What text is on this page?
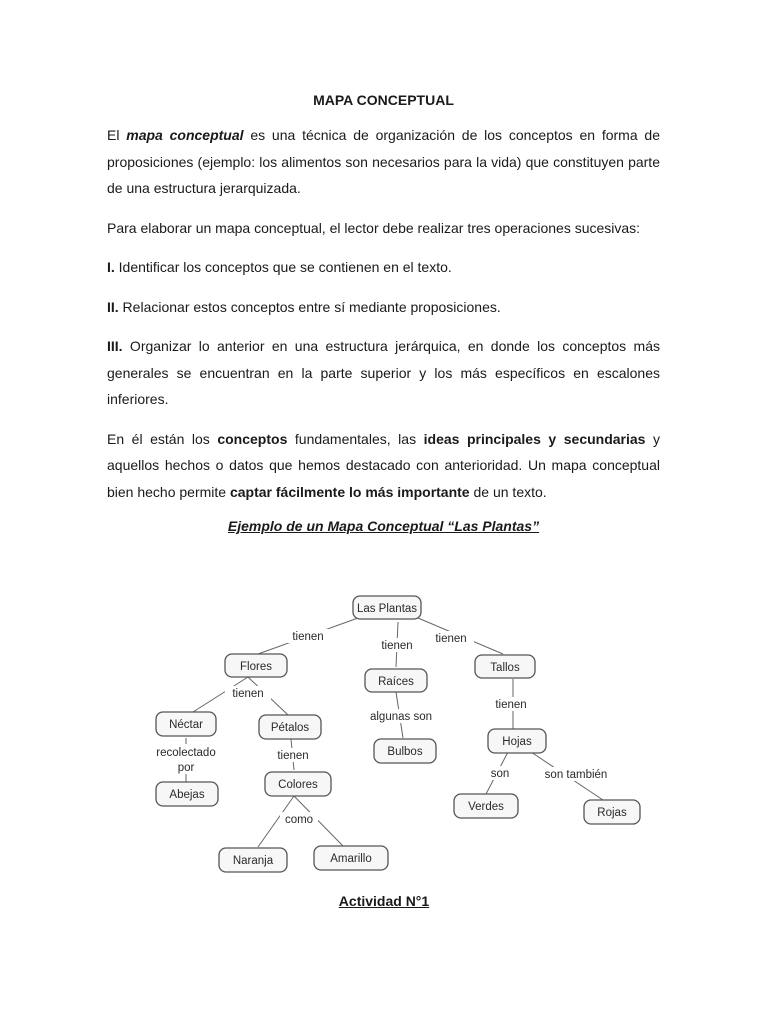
MAPA CONCEPTUAL

El mapa conceptual es una técnica de organización de los conceptos en forma de proposiciones (ejemplo: los alimentos son necesarios para la vida) que constituyen parte de una estructura jerarquizada.

Para elaborar un mapa conceptual, el lector debe realizar tres operaciones sucesivas:

I. Identificar los conceptos que se contienen en el texto.

II. Relacionar estos conceptos entre sí mediante proposiciones.

III. Organizar lo anterior en una estructura jerárquica, en donde los conceptos más generales se encuentran en la parte superior y los más específicos en escalones inferiores.

En él están los conceptos fundamentales, las ideas principales y secundarias y aquellos hechos o datos que hemos destacado con anterioridad. Un mapa conceptual bien hecho permite captar fácilmente lo más importante de un texto.

Ejemplo de un Mapa Conceptual “Las Plantas”
tienen
tienen
tienen
tienen
algunas son
tienen
recolectado
por
tienen
son	son también
como
Las Plantas
Flores
Raíces
Tallos
Néctar	Pétalos
Bulbos
Hojas
Abejas
Colores
Verdes	Rojas
Naranja	Amarillo
Actividad N°1
